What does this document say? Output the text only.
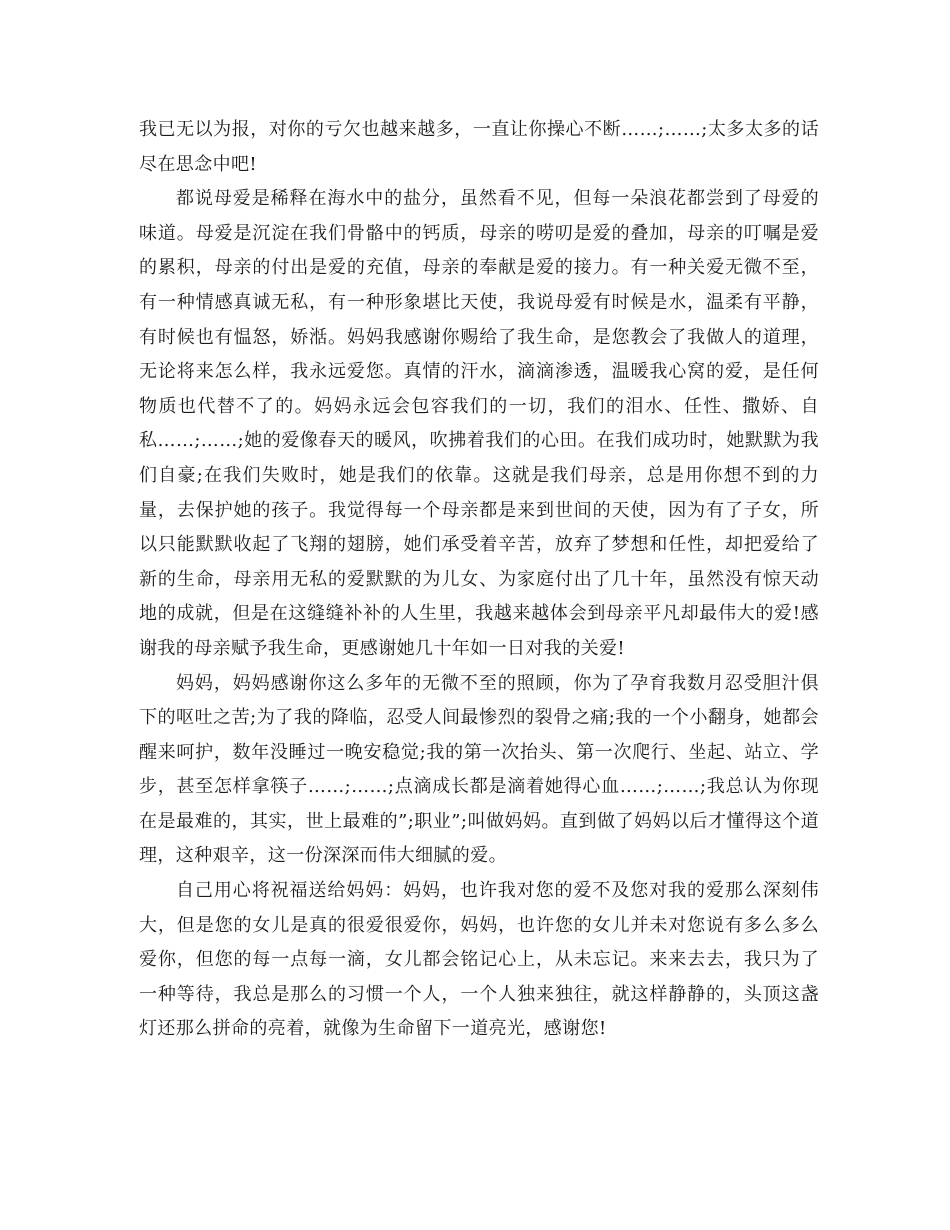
我已无以为报，对你的亏欠也越来越多，一直让你操心不断……;……;太多太多的话尽在思念中吧!

都说母爱是稀释在海水中的盐分，虽然看不见，但每一朵浪花都尝到了母爱的味道。母爱是沉淀在我们骨骼中的钙质，母亲的唠叨是爱的叠加，母亲的叮嘱是爱的累积，母亲的付出是爱的充值，母亲的奉献是爱的接力。有一种关爱无微不至，有一种情感真诚无私，有一种形象堪比天使，我说母爱有时候是水，温柔有平静，有时候也有愠怒，娇湉。妈妈我感谢你赐给了我生命，是您教会了我做人的道理，无论将来怎么样，我永远爱您。真情的汗水，滴滴渗透，温暖我心窝的爱，是任何物质也代替不了的。妈妈永远会包容我们的一切，我们的泪水、任性、撒娇、自私……;……;她的爱像春天的暖风，吹拂着我们的心田。在我们成功时，她默默为我们自豪;在我们失败时，她是我们的依靠。这就是我们母亲，总是用你想不到的力量，去保护她的孩子。我觉得每一个母亲都是来到世间的天使，因为有了子女，所以只能默默收起了飞翔的翅膀，她们承受着辛苦，放弃了梦想和任性，却把爱给了新的生命，母亲用无私的爱默默的为儿女、为家庭付出了几十年，虽然没有惊天动地的成就，但是在这缝缝补补的人生里，我越来越体会到母亲平凡却最伟大的爱!感谢我的母亲赋予我生命，更感谢她几十年如一日对我的关爱!

妈妈，妈妈感谢你这么多年的无微不至的照顾，你为了孕育我数月忍受胆汁俱下的呕吐之苦;为了我的降临，忍受人间最惨烈的裂骨之痛;我的一个小翻身，她都会醒来呵护，数年没睡过一晚安稳觉;我的第一次抬头、第一次爬行、坐起、站立、学步，甚至怎样拿筷子……;……;点滴成长都是滴着她得心血……;……;我总认为你现在是最难的，其实，世上最难的”;职业”;叫做妈妈。直到做了妈妈以后才懂得这个道理，这种艰辛，这一份深深而伟大细腻的爱。

自己用心将祝福送给妈妈：妈妈，也许我对您的爱不及您对我的爱那么深刻伟大，但是您的女儿是真的很爱很爱你，妈妈，也许您的女儿并未对您说有多么多么爱你，但您的每一点每一滴，女儿都会铭记心上，从未忘记。来来去去，我只为了一种等待，我总是那么的习惯一个人，一个人独来独往，就这样静静的，头顶这盏灯还那么拼命的亮着，就像为生命留下一道亮光，感谢您!
